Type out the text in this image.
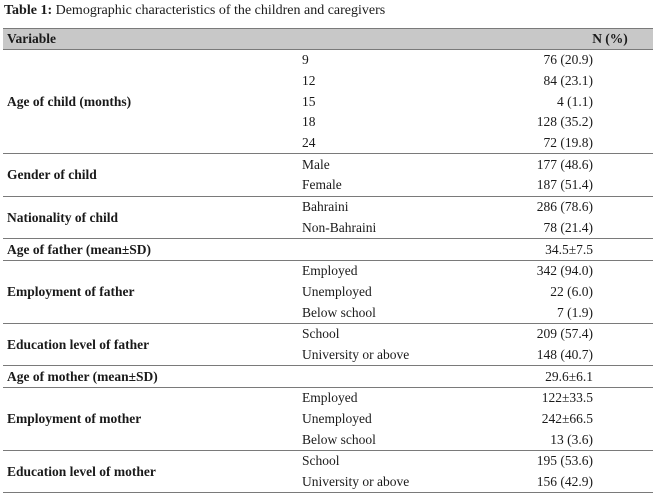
Table 1: Demographic characteristics of the children and caregivers
Variable		N (%)
Age of child (months)	9	76 (20.9)
	12	84 (23.1)
	15	4 (1.1)
	18	128 (35.2)
	24	72 (19.8)
Gender of child	Male	177 (48.6)
	Female	187 (51.4)
Nationality of child	Bahraini	286 (78.6)
	Non-Bahraini	78 (21.4)
Age of father (mean±SD)		34.5±7.5
Employment of father	Employed	342 (94.0)
	Unemployed	22 (6.0)
	Below school	7 (1.9)
Education level of father	School	209 (57.4)
	University or above	148 (40.7)
Age of mother (mean±SD)		29.6±6.1
Employment of mother	Employed	122±33.5
	Unemployed	242±66.5
	Below school	13 (3.6)
Education level of mother	School	195 (53.6)
	University or above	156 (42.9)
